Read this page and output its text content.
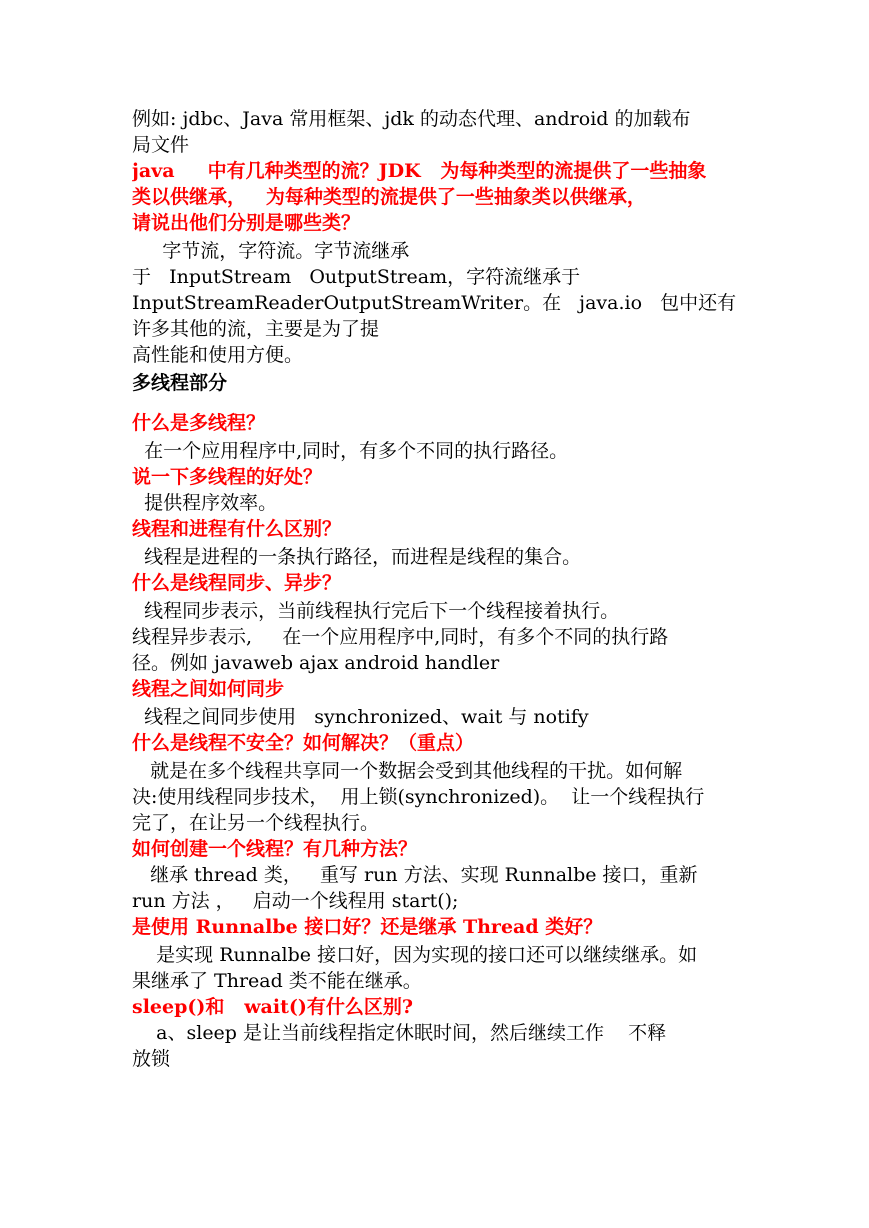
例如: jdbc、Java 常用框架、jdk 的动态代理、android 的加载布
局文件
java     中有几种类型的流？JDK   为每种类型的流提供了一些抽象
类以供继承，   为每种类型的流提供了一些抽象类以供继承，
请说出他们分别是哪些类？
字节流，字符流。字节流继承
于   InputStream   OutputStream，字符流继承于
InputStreamReaderOutputStreamWriter。在   java.io   包中还有
许多其他的流，主要是为了提
高性能和使用方便。
多线程部分
什么是多线程？
在一个应用程序中,同时，有多个不同的执行路径。
说一下多线程的好处？
提供程序效率。
线程和进程有什么区别？
线程是进程的一条执行路径，而进程是线程的集合。
什么是线程同步、异步？
线程同步表示，当前线程执行完后下一个线程接着执行。
线程异步表示,     在一个应用程序中,同时，有多个不同的执行路
径。例如 javaweb ajax android handler
线程之间如何同步
线程之间同步使用   synchronized、wait 与 notify
什么是线程不安全？如何解决？（重点）
就是在多个线程共享同一个数据会受到其他线程的干扰。如何解
决:使用线程同步技术，  用上锁(synchronized)。  让一个线程执行
完了，在让另一个线程执行。
如何创建一个线程？有几种方法？
继承 thread 类，   重写 run 方法、实现 Runnalbe 接口，重新
run 方法 ，   启动一个线程用 start();
是使用 Runnalbe 接口好？还是继承 Thread 类好？
是实现 Runnalbe 接口好，因为实现的接口还可以继续继承。如
果继承了 Thread 类不能在继承。
sleep()和   wait()有什么区别?
a、sleep 是让当前线程指定休眠时间，然后继续工作    不释
放锁
